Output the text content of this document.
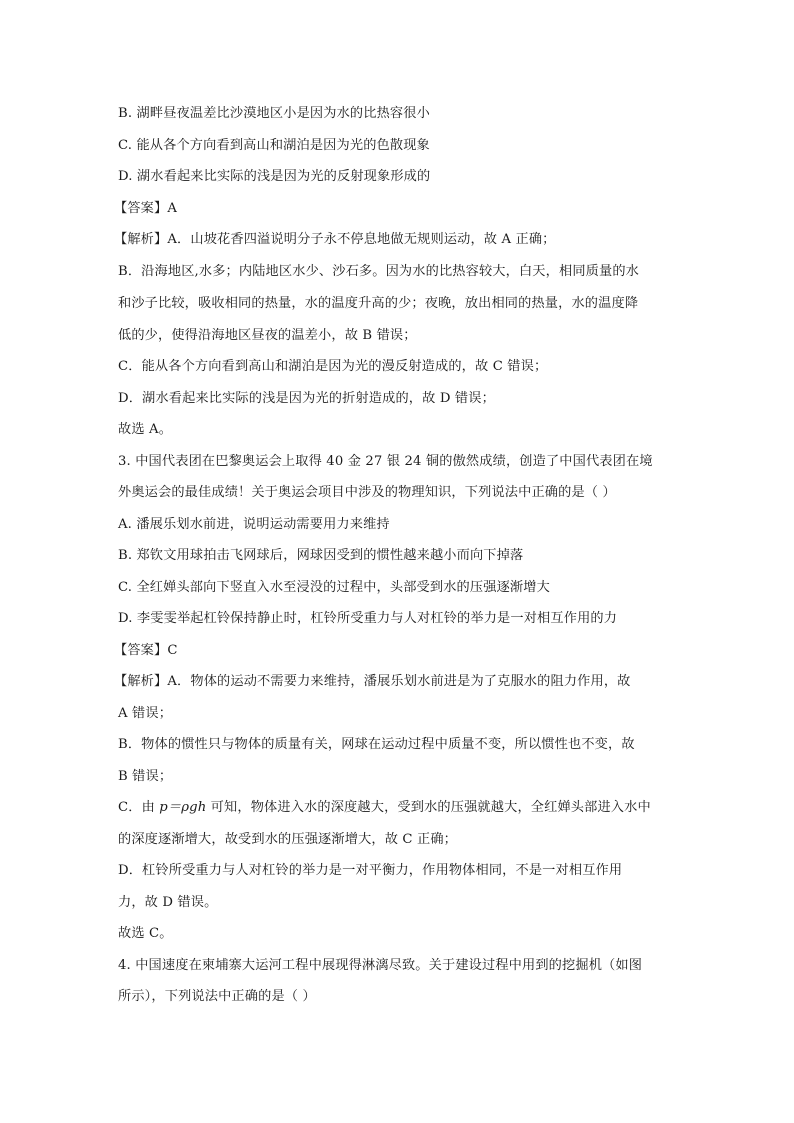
B. 湖畔昼夜温差比沙漠地区小是因为水的比热容很小
C. 能从各个方向看到高山和湖泊是因为光的色散现象
D. 湖水看起来比实际的浅是因为光的反射现象形成的
【答案】A
【解析】A．山坡花香四溢说明分子永不停息地做无规则运动，故 A 正确；
B．沿海地区,水多；内陆地区水少、沙石多。因为水的比热容较大，白天，相同质量的水
和沙子比较，吸收相同的热量，水的温度升高的少；夜晚，放出相同的热量，水的温度降
低的少，使得沿海地区昼夜的温差小，故 B 错误；
C．能从各个方向看到高山和湖泊是因为光的漫反射造成的，故 C 错误；
D．湖水看起来比实际的浅是因为光的折射造成的，故 D 错误；
故选 A。
3. 中国代表团在巴黎奥运会上取得 40 金 27 银 24 铜的傲然成绩，创造了中国代表团在境
外奥运会的最佳成绩！关于奥运会项目中涉及的物理知识，下列说法中正确的是（ ）
A. 潘展乐划水前进，说明运动需要用力来维持
B. 郑钦文用球拍击飞网球后，网球因受到的惯性越来越小而向下掉落
C. 全红婵头部向下竖直入水至浸没的过程中，头部受到水的压强逐渐增大
D. 李雯雯举起杠铃保持静止时，杠铃所受重力与人对杠铃的举力是一对相互作用的力
【答案】C
【解析】A．物体的运动不需要力来维持，潘展乐划水前进是为了克服水的阻力作用，故
A 错误；
B．物体的惯性只与物体的质量有关，网球在运动过程中质量不变，所以惯性也不变，故
B 错误；
C．由 p＝ρgh 可知，物体进入水的深度越大，受到水的压强就越大，全红婵头部进入水中
的深度逐渐增大，故受到水的压强逐渐增大，故 C 正确；
D．杠铃所受重力与人对杠铃的举力是一对平衡力，作用物体相同，不是一对相互作用
力，故 D 错误。
故选 C。
4. 中国速度在柬埔寨大运河工程中展现得淋漓尽致。关于建设过程中用到的挖掘机（如图
所示），下列说法中正确的是（ ）
